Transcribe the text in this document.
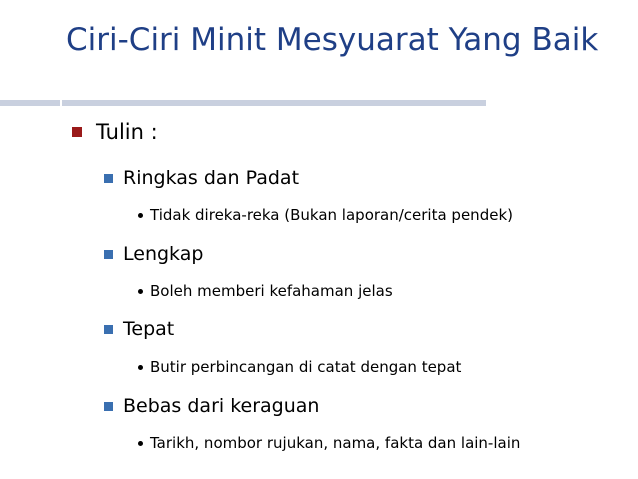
Ciri-Ciri Minit Mesyuarat Yang Baik
Tulin :
Ringkas dan Padat
Tidak direka-reka (Bukan laporan/cerita pendek)
Lengkap
Boleh memberi kefahaman jelas
Tepat
Butir perbincangan di catat dengan tepat
Bebas dari keraguan
Tarikh, nombor rujukan, nama, fakta dan lain-lain
